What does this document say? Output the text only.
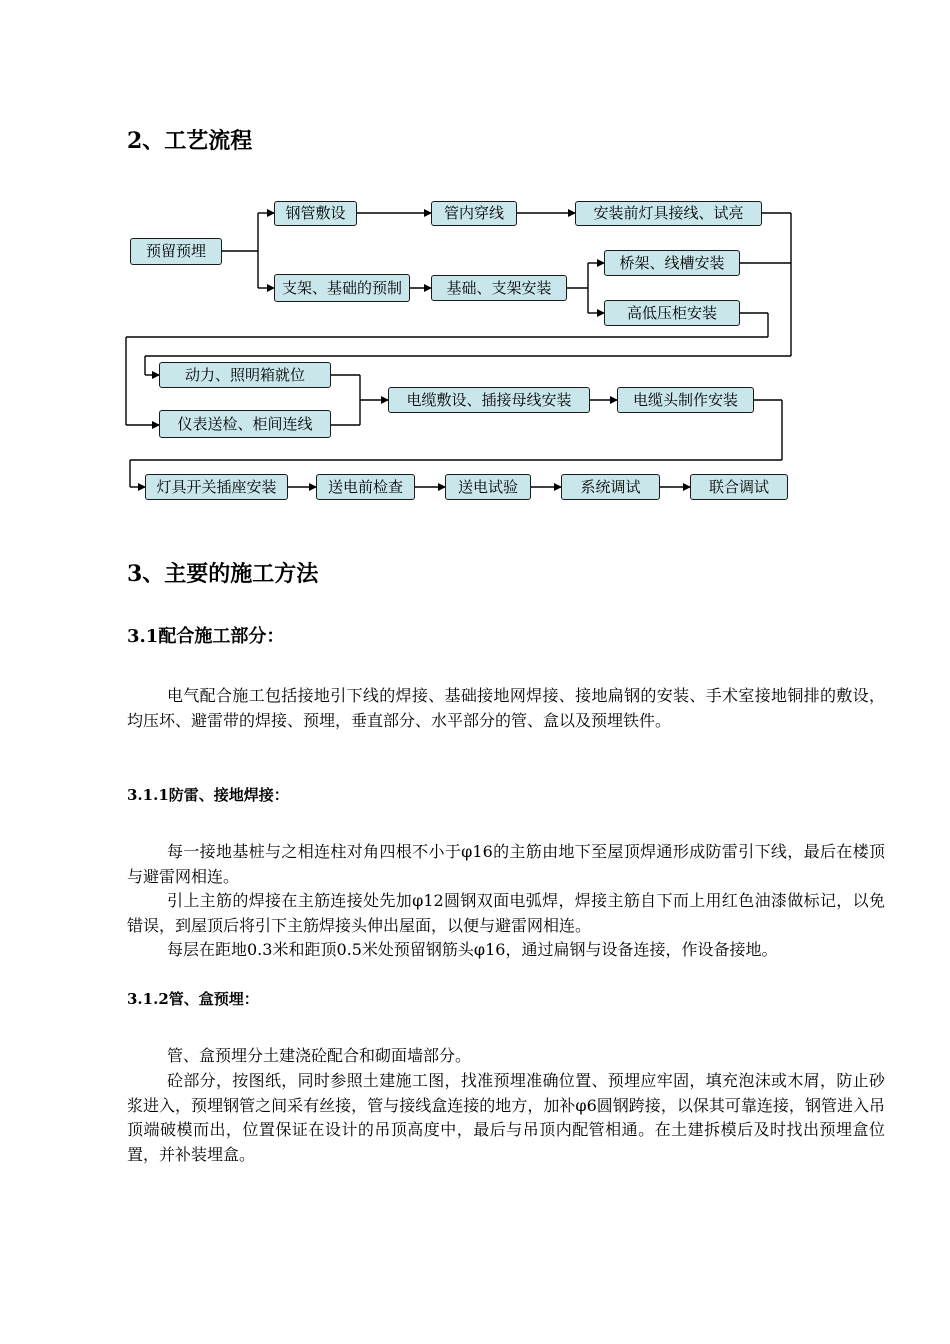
2、工艺流程
预留预埋
钢管敷设	管内穿线	安装前灯具接线、试亮
支架、基础的预制	基础、支架安装
桥架、线槽安装
高低压柜安装
动力、照明箱就位
仪表送检、柜间连线
电缆敷设、插接母线安装	电缆头制作安装
灯具开关插座安装	送电前检查	送电试验	系统调试	联合调试
3、主要的施工方法
3.1配合施工部分：
电气配合施工包括接地引下线的焊接、基础接地网焊接、接地扁钢的安装、手术室接地铜排的敷设，均压坏、避雷带的焊接、预埋，垂直部分、水平部分的管、盒以及预埋铁件。
3.1.1防雷、接地焊接：
每一接地基桩与之相连柱对角四根不小于φ16的主筋由地下至屋顶焊通形成防雷引下线，最后在楼顶与避雷网相连。
引上主筋的焊接在主筋连接处先加φ12圆钢双面电弧焊，焊接主筋自下而上用红色油漆做标记，以免错误，到屋顶后将引下主筋焊接头伸出屋面，以便与避雷网相连。
每层在距地0.3米和距顶0.5米处预留钢筋头φ16，通过扁钢与设备连接，作设备接地。
3.1.2管、盒预埋：
管、盒预埋分土建浇砼配合和砌面墙部分。
砼部分，按图纸，同时参照土建施工图，找准预埋准确位置、预埋应牢固，填充泡沫或木屑，防止砂浆进入，预埋钢管之间采有丝接，管与接线盒连接的地方，加补φ6圆钢跨接，以保其可靠连接，钢管进入吊顶端破模而出，位置保证在设计的吊顶高度中，最后与吊顶内配管相通。在土建拆模后及时找出预埋盒位置，并补装埋盒。
